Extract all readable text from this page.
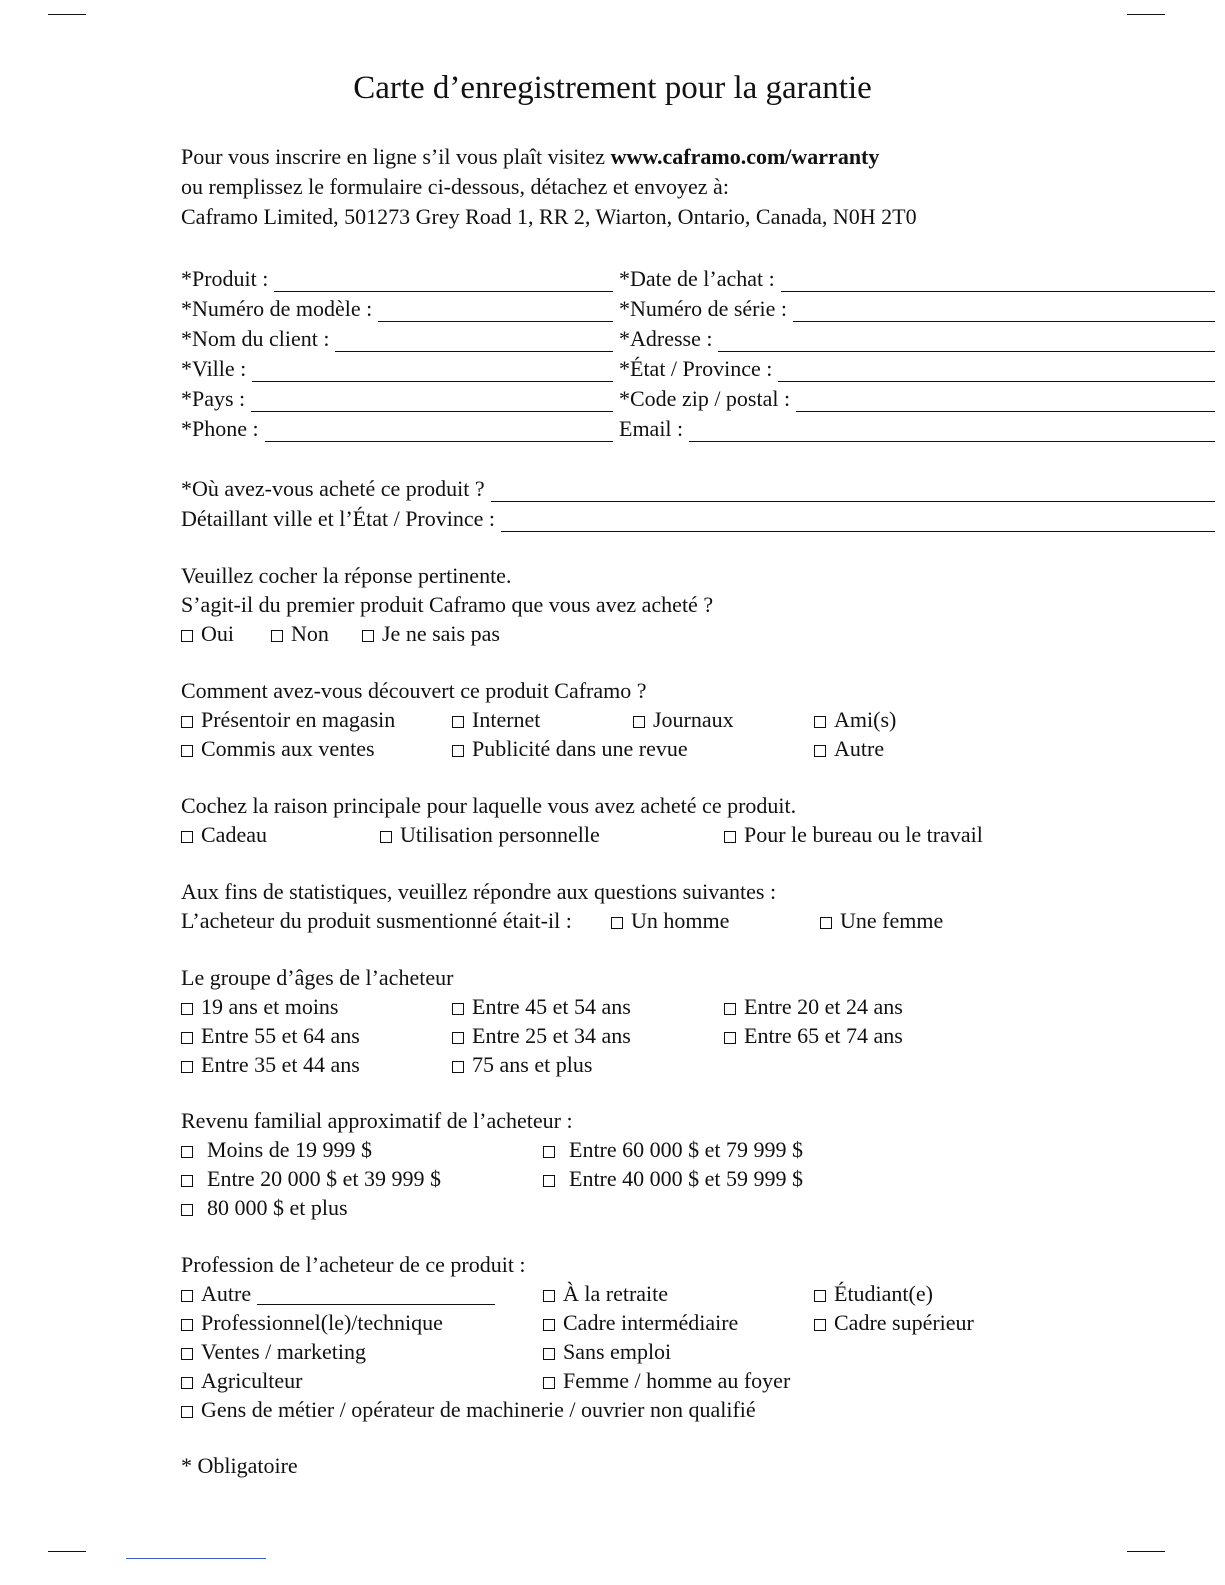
Carte d’enregistrement pour la garantie
Pour vous inscrire en ligne s’il vous plaît visitez www.caframo.com/warranty
ou remplissez le formulaire ci-dessous, détachez et envoyez à:
Caframo Limited, 501273 Grey Road 1, RR 2, Wiarton, Ontario, Canada, N0H 2T0
*Produit :	*Date de l’achat :
*Numéro de modèle :	*Numéro de série :
*Nom du client :	*Adresse :
*Ville :	*État / Province :
*Pays :	*Code zip / postal :
*Phone :	Email :
*Où avez-vous acheté ce produit ?
Détaillant ville et l’État / Province :
Veuillez cocher la réponse pertinente.
S’agit-il du premier produit Caframo que vous avez acheté ?
Oui	Non Je ne sais pas
Comment avez-vous découvert ce produit Caframo ?
Présentoir en magasin	Internet	Journaux	Ami(s)
Commis aux ventes	Publicité dans une revue	Autre
Cochez la raison principale pour laquelle vous avez acheté ce produit.
Cadeau	Utilisation personnelle	Pour le bureau ou le travail
Aux fins de statistiques, veuillez répondre aux questions suivantes :
L’acheteur du produit susmentionné était-il :	Un homme	Une femme
Le groupe d’âges de l’acheteur
19 ans et moins	Entre 45 et 54 ans	Entre 20 et 24 ans
Entre 55 et 64 ans	Entre 25 et 34 ans	Entre 65 et 74 ans
Entre 35 et 44 ans	75 ans et plus
Revenu familial approximatif de l’acheteur :
Moins de 19 999 $	Entre 60 000 $ et 79 999 $
Entre 20 000 $ et 39 999 $	Entre 40 000 $ et 59 999 $
80 000 $ et plus
Profession de l’acheteur de ce produit :
Autre	À la retraite	Étudiant(e)
Professionnel(le)/technique	Cadre intermédiaire	Cadre supérieur
Ventes / marketing	Sans emploi
Agriculteur	Femme / homme au foyer
Gens de métier / opérateur de machinerie / ouvrier non qualifié
* Obligatoire
